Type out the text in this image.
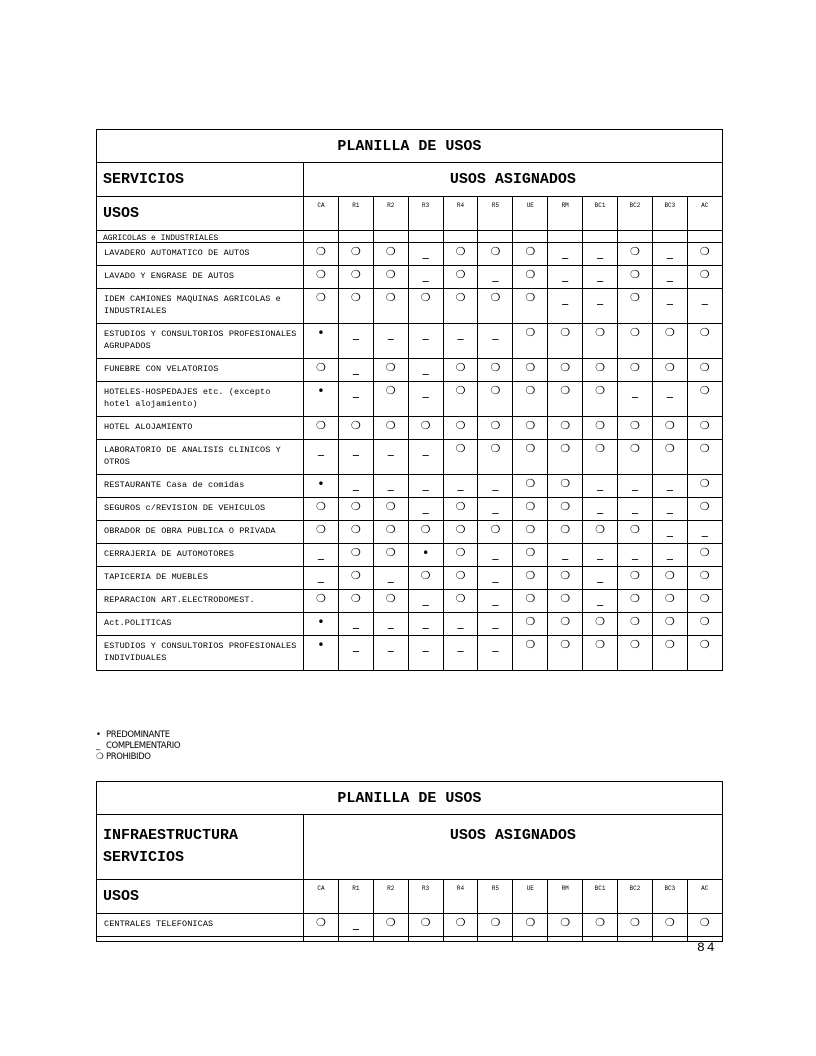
PLANILLA DE USOS												
SERVICIOS	USOS ASIGNADOS											
USOS	CA	R1	R2	R3	R4	R5	UE	RM	BC1	BC2	BC3	AC
AGRICOLAS e INDUSTRIALES												
LAVADERO AUTOMATICO DE AUTOS	❍	❍	❍	_	❍	❍	❍	_	_	❍	_	❍
LAVADO Y ENGRASE DE AUTOS	❍	❍	❍	_	❍	_	❍	_	_	❍	_	❍
IDEM CAMIONES MAQUINAS AGRICOLAS e INDUSTRIALES	❍	❍	❍	❍	❍	❍	❍	_	_	❍	_	_
ESTUDIOS Y CONSULTORIOS PROFESIONALES AGRUPADOS	•	_	_	_	_	_	❍	❍	❍	❍	❍	❍
FUNEBRE CON VELATORIOS	❍	_	❍	_	❍	❍	❍	❍	❍	❍	❍	❍
HOTELES-HOSPEDAJES etc. (excepto hotel alojamiento)	•	_	❍	_	❍	❍	❍	❍	❍	_	_	❍
HOTEL ALOJAMIENTO	❍	❍	❍	❍	❍	❍	❍	❍	❍	❍	❍	❍
LABORATORIO DE ANALISIS CLINICOS Y OTROS	_	_	_	_	❍	❍	❍	❍	❍	❍	❍	❍
RESTAURANTE Casa de comidas	•	_	_	_	_	_	❍	❍	_	_	_	❍
SEGUROS c/REVISION DE VEHICULOS	❍	❍	❍	_	❍	_	❍	❍	_	_	_	❍
OBRADOR DE OBRA PUBLICA O PRIVADA	❍	❍	❍	❍	❍	❍	❍	❍	❍	❍	_	_
CERRAJERIA DE AUTOMOTORES	_	❍	❍	•	❍	_	❍	_	_	_	_	❍
TAPICERIA DE MUEBLES	_	❍	_	❍	❍	_	❍	❍	_	❍	❍	❍
REPARACION ART.ELECTRODOMEST.	❍	❍	❍	_	❍	_	❍	❍	_	❍	❍	❍
Act.POLITICAS	•	_	_	_	_	_	❍	❍	❍	❍	❍	❍
ESTUDIOS Y CONSULTORIOS PROFESIONALES INDIVIDUALES	•	_	_	_	_	_	❍	❍	❍	❍	❍	❍
• PREDOMINANTE
_ COMPLEMENTARIO
❍ PROHIBIDO
PLANILLA DE USOS												
INFRAESTRUCTURA
SERVICIOS	USOS ASIGNADOS											
USOS	CA	R1	R2	R3	R4	R5	UE	RM	BC1	BC2	BC3	AC
CENTRALES TELEFONICAS	❍	_	❍	❍	❍	❍	❍	❍	❍	❍	❍	❍

84
